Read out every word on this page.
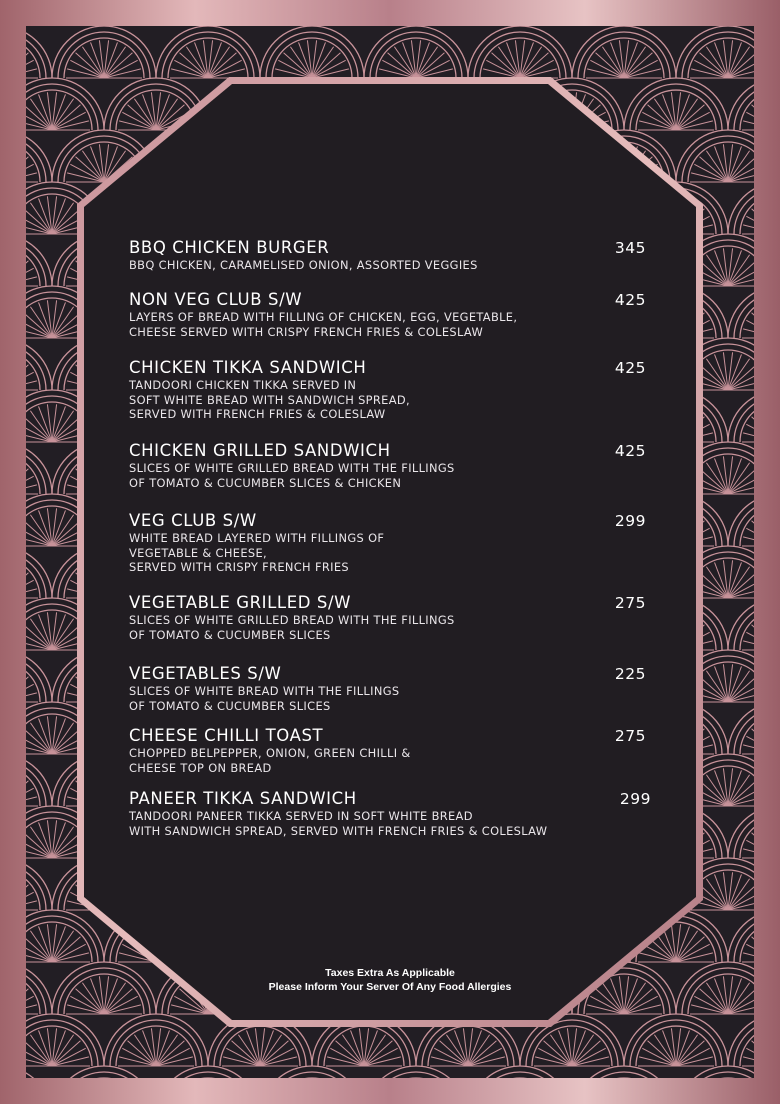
BBQ CHICKEN BURGER	345
BBQ CHICKEN, CARAMELISED ONION, ASSORTED VEGGIES
NON VEG CLUB S/W	425
LAYERS OF BREAD WITH FILLING OF CHICKEN, EGG, VEGETABLE,
CHEESE SERVED WITH CRISPY FRENCH FRIES & COLESLAW
CHICKEN TIKKA SANDWICH	425
TANDOORI CHICKEN TIKKA SERVED IN
SOFT WHITE BREAD WITH SANDWICH SPREAD,
SERVED WITH FRENCH FRIES & COLESLAW
CHICKEN GRILLED SANDWICH	425
SLICES OF WHITE GRILLED BREAD WITH THE FILLINGS
OF TOMATO & CUCUMBER SLICES & CHICKEN
VEG CLUB S/W	299
WHITE BREAD LAYERED WITH FILLINGS OF
VEGETABLE & CHEESE,
SERVED WITH CRISPY FRENCH FRIES
VEGETABLE GRILLED S/W	275
SLICES OF WHITE GRILLED BREAD WITH THE FILLINGS
OF TOMATO & CUCUMBER SLICES
VEGETABLES S/W	225
SLICES OF WHITE BREAD WITH THE FILLINGS
OF TOMATO & CUCUMBER SLICES
CHEESE CHILLI TOAST	275
CHOPPED BELPEPPER, ONION, GREEN CHILLI &
CHEESE TOP ON BREAD
PANEER TIKKA SANDWICH	299
TANDOORI PANEER TIKKA SERVED IN SOFT WHITE BREAD
WITH SANDWICH SPREAD, SERVED WITH FRENCH FRIES & COLESLAW
Taxes Extra As Applicable
Please Inform Your Server Of Any Food Allergies
